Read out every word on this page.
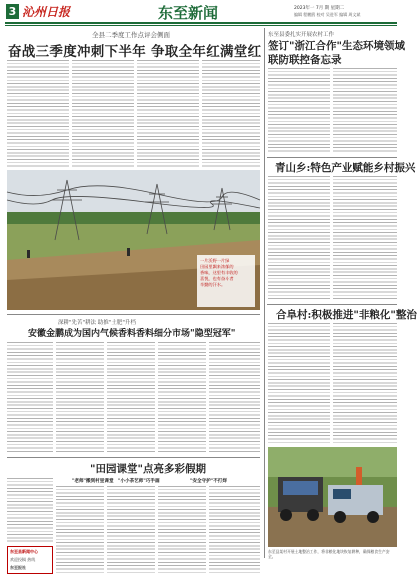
3 沁州日报	东至新闻	2023年一 7月 期 星期二
编辑 程鹏鸥 校对 吴进军 编辑 周文斌
全县二季度工作点评会侧面
奋战三季度冲刺下半年 争取全年红满堂红
东至县委扎实开展农村工作
签订"浙江合作"生态环境领域
联防联控备忘录
青山乡:特色产业赋能乡村振兴
合阜村:积极推进"非粮化"整治
东至县某村开展土地整治工作，将非粮化地块恢复耕种，确保粮食生产安全。
一片沃野一片绿
田园里飘来浓郁的
香味，这里有丰收的
喜悦，也有奋斗者
辛勤的汗水。
深耕"先苦"耕法 助推"土肥"升档
安徽金鹏成为国内气候香料香料细分市场"隐型冠军"
"田园课堂"点亮多彩假期
"老师"搬到村里课堂 "小小茶艺师"巧手画	"安全守护"不打烊
东至县新闻中心
欢迎投稿 热线
东至报社
